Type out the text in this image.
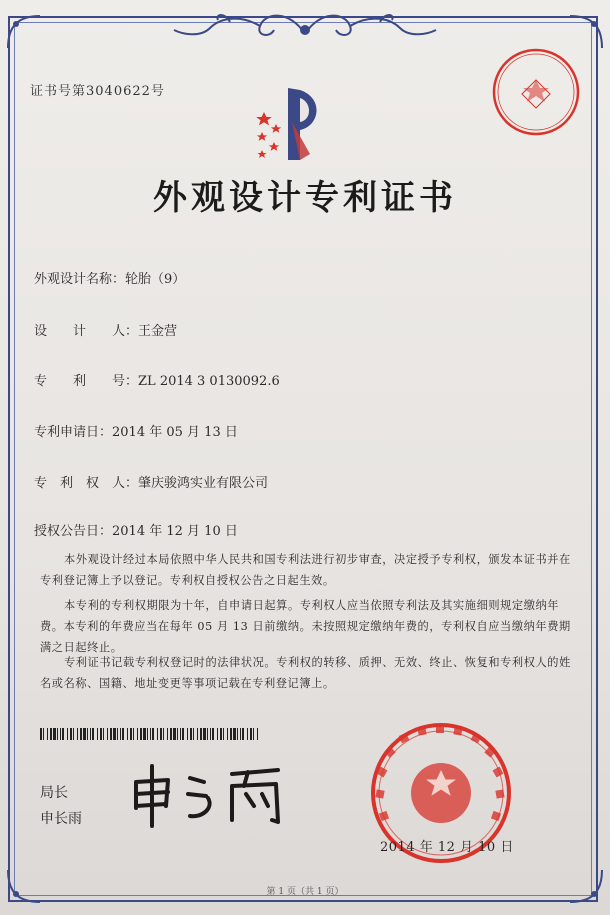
证书号第3040622号
外观设计专利证书
外观设计名称：轮胎（9）
设　　计　　人：王金营
专　　利　　号：ZL 2014 3 0130092.6
专利申请日：2014 年 05 月 13 日
专　利　权　人：肇庆骏鸿实业有限公司
授权公告日：2014 年 12 月 10 日

本外观设计经过本局依照中华人民共和国专利法进行初步审查，决定授予专利权，颁发本证书并在专利登记簿上予以登记。专利权自授权公告之日起生效。

本专利的专利权期限为十年，自申请日起算。专利权人应当依照专利法及其实施细则规定缴纳年费。本专利的年费应当在每年 05 月 13 日前缴纳。未按照规定缴纳年费的，专利权自应当缴纳年费期满之日起终止。

专利证书记载专利权登记时的法律状况。专利权的转移、质押、无效、终止、恢复和专利权人的姓名或名称、国籍、地址变更等事项记载在专利登记簿上。

局长
申长雨
2014 年 12 月 10 日
第 1 页（共 1 页）
